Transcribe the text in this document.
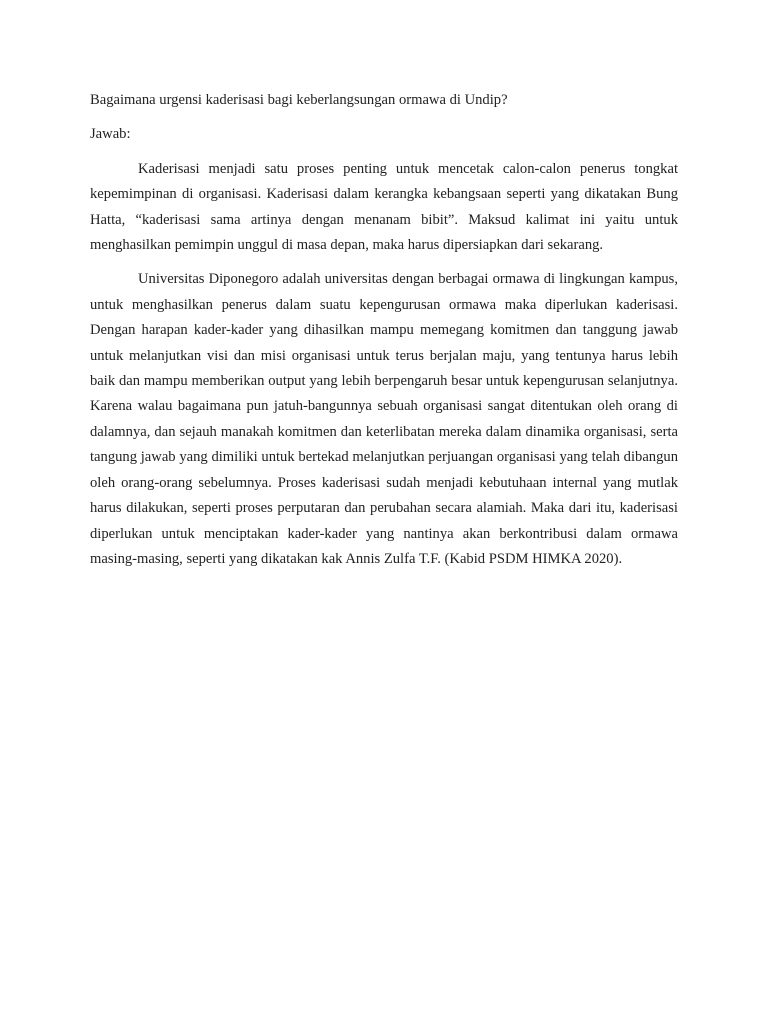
Bagaimana urgensi kaderisasi bagi keberlangsungan ormawa di Undip?

Jawab:

Kaderisasi menjadi satu proses penting untuk mencetak calon-calon penerus tongkat kepemimpinan di organisasi. Kaderisasi dalam kerangka kebangsaan seperti yang dikatakan Bung Hatta, “kaderisasi sama artinya dengan menanam bibit”. Maksud kalimat ini yaitu untuk menghasilkan pemimpin unggul di masa depan, maka harus dipersiapkan dari sekarang.

Universitas Diponegoro adalah universitas dengan berbagai ormawa di lingkungan kampus, untuk menghasilkan penerus dalam suatu kepengurusan ormawa maka diperlukan kaderisasi. Dengan harapan kader-kader yang dihasilkan mampu memegang komitmen dan tanggung jawab untuk melanjutkan visi dan misi organisasi untuk terus berjalan maju, yang tentunya harus lebih baik dan mampu memberikan output yang lebih berpengaruh besar untuk kepengurusan selanjutnya. Karena walau bagaimana pun jatuh-bangunnya sebuah organisasi sangat ditentukan oleh orang di dalamnya, dan sejauh manakah komitmen dan keterlibatan mereka dalam dinamika organisasi, serta tangung jawab yang dimiliki untuk bertekad melanjutkan perjuangan organisasi yang telah dibangun oleh orang-orang sebelumnya. Proses kaderisasi sudah menjadi kebutuhaan internal yang mutlak harus dilakukan, seperti proses perputaran dan perubahan secara alamiah. Maka dari itu, kaderisasi diperlukan untuk menciptakan kader-kader yang nantinya akan berkontribusi dalam ormawa masing-masing, seperti yang dikatakan kak Annis Zulfa T.F. (Kabid PSDM HIMKA 2020).
